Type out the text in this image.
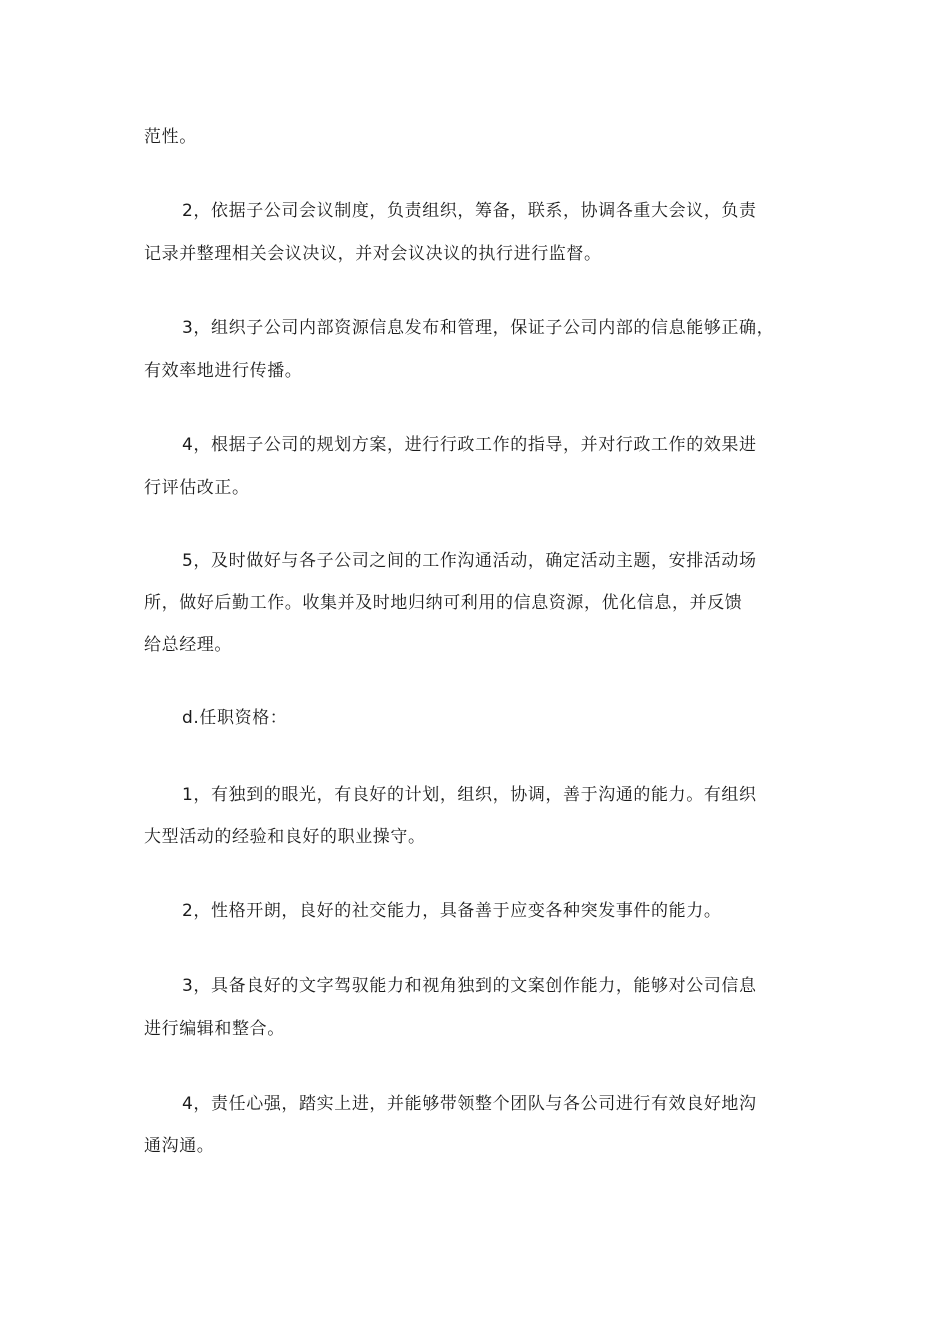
范性。
2，依据子公司会议制度，负责组织，筹备，联系，协调各重大会议，负责
记录并整理相关会议决议，并对会议决议的执行进行监督。
3，组织子公司内部资源信息发布和管理，保证子公司内部的信息能够正确，
有效率地进行传播。
4，根据子公司的规划方案，进行行政工作的指导，并对行政工作的效果进
行评估改正。
5，及时做好与各子公司之间的工作沟通活动，确定活动主题，安排活动场
所，做好后勤工作。收集并及时地归纳可利用的信息资源，优化信息，并反馈
给总经理。
d.任职资格：
1，有独到的眼光，有良好的计划，组织，协调，善于沟通的能力。有组织
大型活动的经验和良好的职业操守。
2，性格开朗，良好的社交能力，具备善于应变各种突发事件的能力。
3，具备良好的文字驾驭能力和视角独到的文案创作能力，能够对公司信息
进行编辑和整合。
4，责任心强，踏实上进，并能够带领整个团队与各公司进行有效良好地沟
通沟通。
